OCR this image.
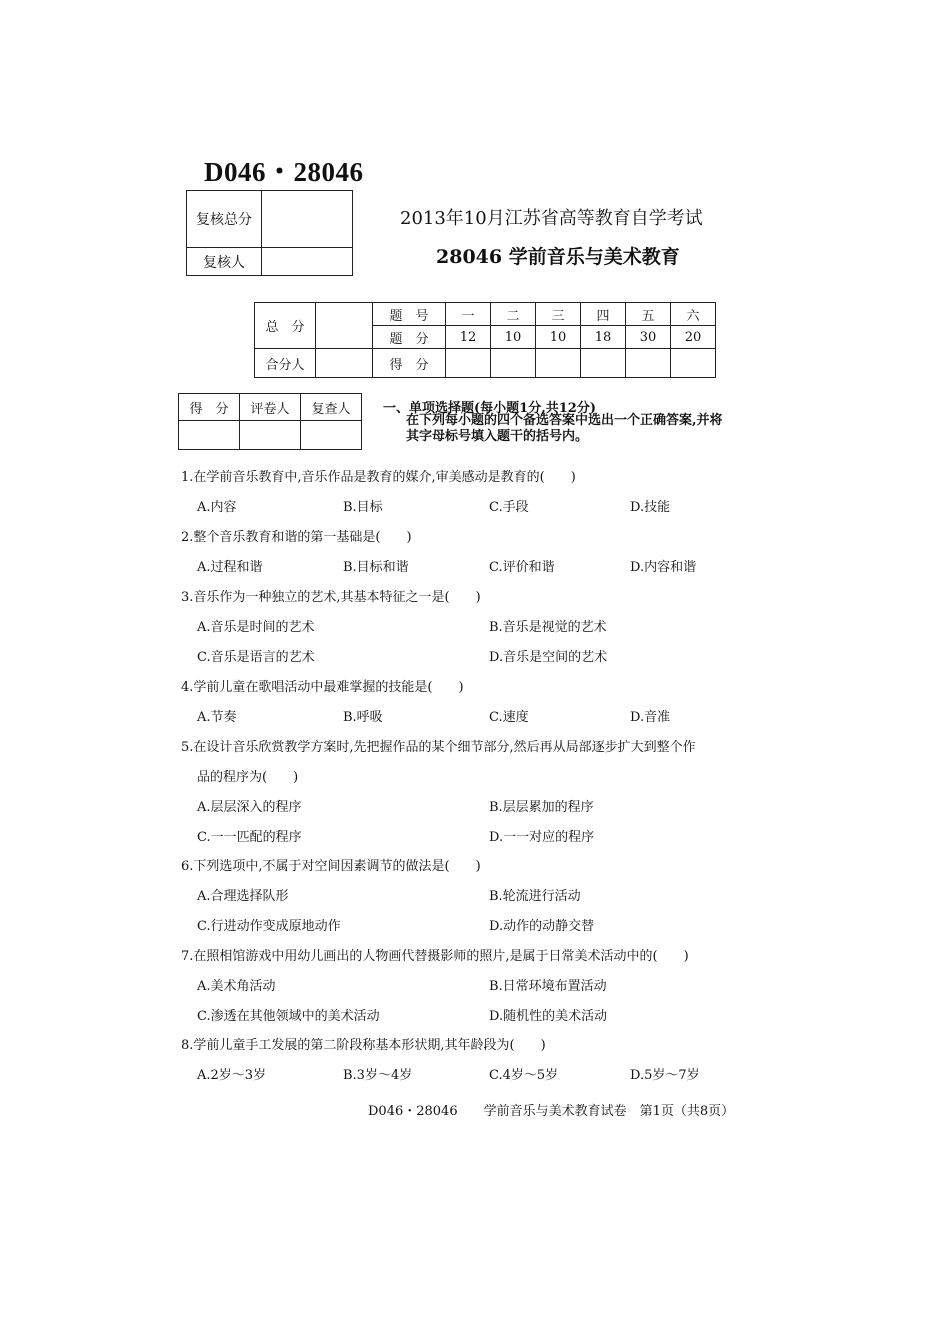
D046・28046
2013年10月江苏省高等教育自学考试
28046 学前音乐与美术教育
复核总分	
复核人	
总　分		题　号	一	二	三	四	五	六
		题　分	12	10	10	18	30	20
合分人		得　分						
得　分	评卷人	复查人
			一、单项选择题(每小题1分,共12分)
在下列每小题的四个备选答案中选出一个正确答案,并将
其字母标号填入题干的括号内。
1.在学前音乐教育中,音乐作品是教育的媒介,审美感动是教育的(　　)
A.内容	B.目标	C.手段	D.技能
2.整个音乐教育和谐的第一基础是(　　)
A.过程和谐	B.目标和谐	C.评价和谐	D.内容和谐
3.音乐作为一种独立的艺术,其基本特征之一是(　　)
A.音乐是时间的艺术	B.音乐是视觉的艺术
C.音乐是语言的艺术	D.音乐是空间的艺术
4.学前儿童在歌唱活动中最难掌握的技能是(　　)
A.节奏	B.呼吸	C.速度	D.音准
5.在设计音乐欣赏教学方案时,先把握作品的某个细节部分,然后再从局部逐步扩大到整个作
品的程序为(　　)
A.层层深入的程序	B.层层累加的程序
C.一一匹配的程序	D.一一对应的程序
6.下列选项中,不属于对空间因素调节的做法是(　　)
A.合理选择队形	B.轮流进行活动
C.行进动作变成原地动作	D.动作的动静交替
7.在照相馆游戏中用幼儿画出的人物画代替摄影师的照片,是属于日常美术活动中的(　　)
A.美术角活动	B.日常环境布置活动
C.渗透在其他领域中的美术活动	D.随机性的美术活动
8.学前儿童手工发展的第二阶段称基本形状期,其年龄段为(　　)
A.2岁～3岁	B.3岁～4岁	C.4岁～5岁	D.5岁～7岁
D046・28046　　学前音乐与美术教育试卷　第1页（共8页）
